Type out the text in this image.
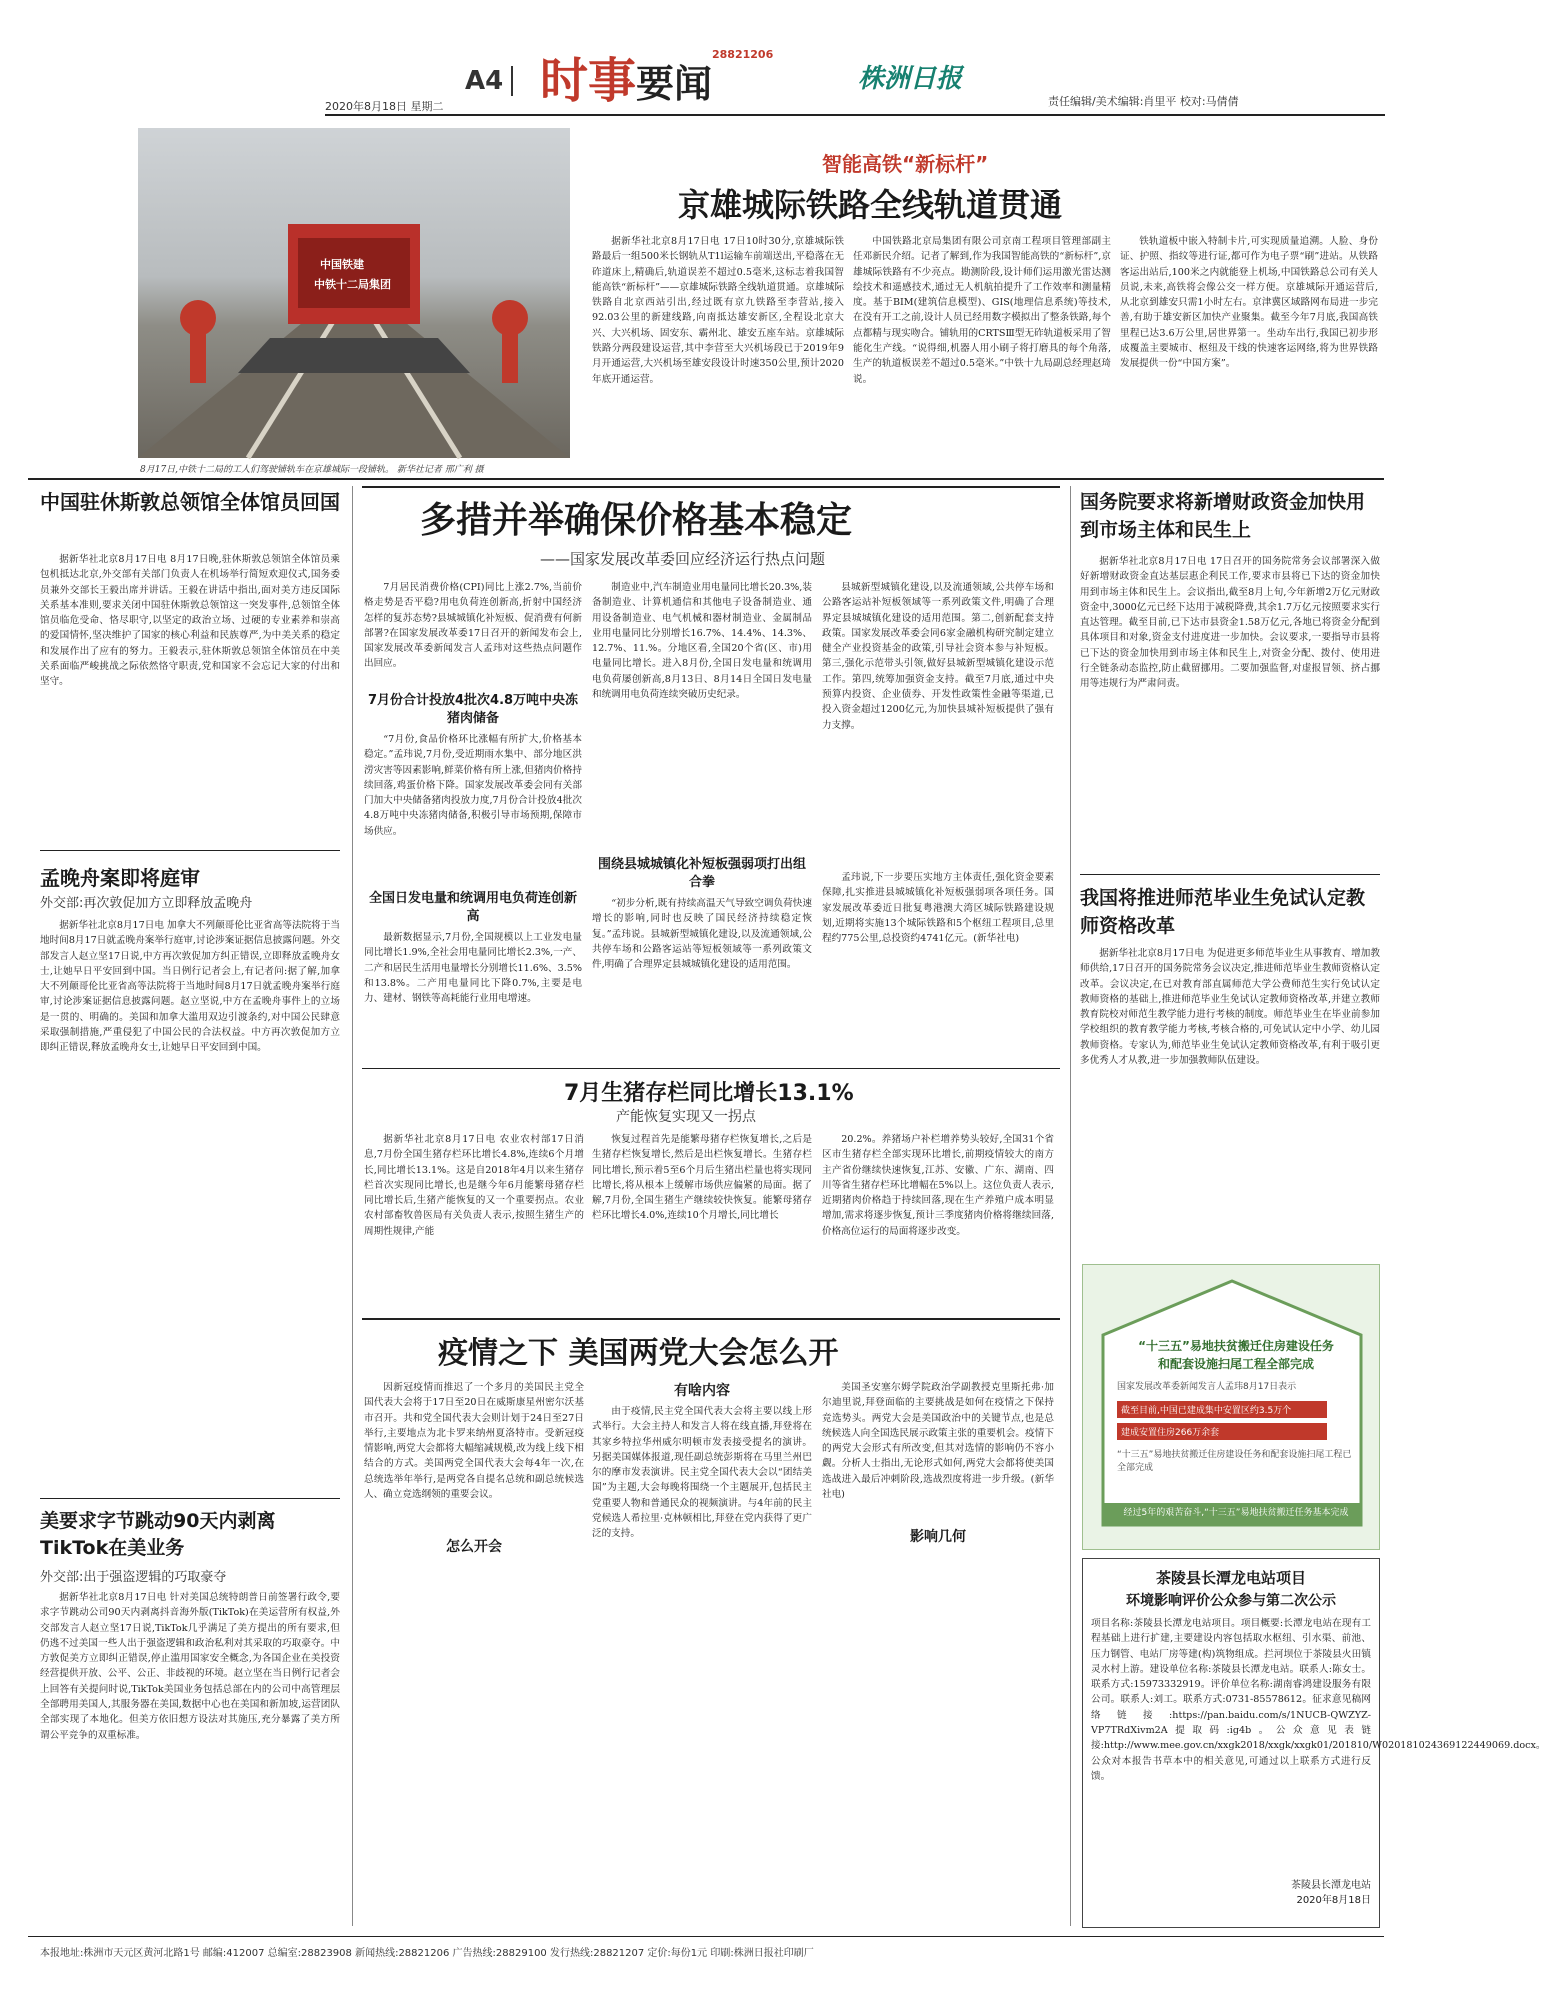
2020年8月18日 星期二
A4 时事要闻
28821206
株洲日报
责任编辑/美术编辑:肖里平 校对:马倩倩
中国铁建
中铁十二局集团
8月17日,中铁十二局的工人们驾驶铺轨车在京雄城际一段铺轨。 新华社记者 邢广利 摄
智能高铁“新标杆”
京雄城际铁路全线轨道贯通
据新华社北京8月17日电 17日10时30分,京雄城际铁路最后一组500米长钢轨从T1l运输车前端送出,平稳落在无砟道床上,精确后,轨道误差不超过0.5毫米,这标志着我国智能高铁“新标杆”——京雄城际铁路全线轨道贯通。京雄城际铁路自北京西站引出,经过既有京九铁路至李营站,接入92.03公里的新建线路,向南抵达雄安新区,全程设北京大兴、大兴机场、固安东、霸州北、雄安五座车站。京雄城际铁路分两段建设运营,其中李营至大兴机场段已于2019年9月开通运营,大兴机场至雄安段设计时速350公里,预计2020年底开通运营。
中国铁路北京局集团有限公司京南工程项目管理部副主任邓新民介绍。记者了解到,作为我国智能高铁的“新标杆”,京雄城际铁路有不少亮点。勘测阶段,设计师们运用激光雷达测绘技术和遥感技术,通过无人机航拍提升了工作效率和测量精度。基于BIM(建筑信息模型)、GIS(地理信息系统)等技术,在没有开工之前,设计人员已经用数字模拟出了整条铁路,每个点都精与现实吻合。铺轨用的CRTSⅢ型无砟轨道板采用了智能化生产线。“说得细,机器人用小刷子将打磨具的每个角落,生产的轨道板误差不超过0.5毫米。”中铁十九局副总经理赵琦说。
铁轨道板中嵌入特制卡片,可实现质量追溯。人脸、身份证、护照、指纹等进行证,都可作为电子票“刷”进站。从铁路客运出站后,100米之内就能登上机场,中国铁路总公司有关人员说,未来,高铁将会像公交一样方便。京雄城际开通运营后,从北京到雄安只需1小时左右。京津冀区域路网布局进一步完善,有助于雄安新区加快产业聚集。截至今年7月底,我国高铁里程已达3.6万公里,居世界第一。坐动车出行,我国已初步形成覆盖主要城市、枢纽及干线的快速客运网络,将为世界铁路发展提供一份“中国方案”。
中国驻休斯敦总领馆全体馆员回国
据新华社北京8月17日电 8月17日晚,驻休斯敦总领馆全体馆员乘包机抵达北京,外交部有关部门负责人在机场举行简短欢迎仪式,国务委员兼外交部长王毅出席并讲话。王毅在讲话中指出,面对美方违反国际关系基本准则,要求关闭中国驻休斯敦总领馆这一突发事件,总领馆全体馆员临危受命、恪尽职守,以坚定的政治立场、过硬的专业素养和崇高的爱国情怀,坚决维护了国家的核心利益和民族尊严,为中美关系的稳定和发展作出了应有的努力。王毅表示,驻休斯敦总领馆全体馆员在中美关系面临严峻挑战之际依然恪守职责,党和国家不会忘记大家的付出和坚守。
孟晚舟案即将庭审
外交部:再次敦促加方立即释放孟晚舟
据新华社北京8月17日电 加拿大不列颠哥伦比亚省高等法院将于当地时间8月17日就孟晚舟案举行庭审,讨论涉案证据信息披露问题。外交部发言人赵立坚17日说,中方再次敦促加方纠正错误,立即释放孟晚舟女士,让她早日平安回到中国。当日例行记者会上,有记者问:据了解,加拿大不列颠哥伦比亚省高等法院将于当地时间8月17日就孟晚舟案举行庭审,讨论涉案证据信息披露问题。赵立坚说,中方在孟晚舟事件上的立场是一贯的、明确的。美国和加拿大滥用双边引渡条约,对中国公民肆意采取强制措施,严重侵犯了中国公民的合法权益。中方再次敦促加方立即纠正错误,释放孟晚舟女士,让她早日平安回到中国。
美要求字节跳动90天内剥离TikTok在美业务
外交部:出于强盗逻辑的巧取豪夺
据新华社北京8月17日电 针对美国总统特朗普日前签署行政令,要求字节跳动公司90天内剥离抖音海外版(TikTok)在美运营所有权益,外交部发言人赵立坚17日说,TikTok几乎满足了美方提出的所有要求,但仍逃不过美国一些人出于强盗逻辑和政治私利对其采取的巧取豪夺。中方敦促美方立即纠正错误,停止滥用国家安全概念,为各国企业在美投资经营提供开放、公平、公正、非歧视的环境。赵立坚在当日例行记者会上回答有关提问时说,TikTok美国业务包括总部在内的公司中高管理层全部聘用美国人,其服务器在美国,数据中心也在美国和新加坡,运营团队全部实现了本地化。但美方依旧想方设法对其施压,充分暴露了美方所谓公平竞争的双重标准。
多措并举确保价格基本稳定
——国家发展改革委回应经济运行热点问题
7月居民消费价格(CPI)同比上涨2.7%,当前价格走势是否平稳?用电负荷连创新高,折射中国经济怎样的复苏态势?县城城镇化补短板、促消费有何新部署?在国家发展改革委17日召开的新闻发布会上,国家发展改革委新闻发言人孟玮对这些热点问题作出回应。
7月份合计投放4批次4.8万吨中央冻猪肉储备
“7月份,食品价格环比涨幅有所扩大,价格基本稳定。”孟玮说,7月份,受近期雨水集中、部分地区洪涝灾害等因素影响,鲜菜价格有所上涨,但猪肉价格持续回落,鸡蛋价格下降。国家发展改革委会同有关部门加大中央储备猪肉投放力度,7月份合计投放4批次4.8万吨中央冻猪肉储备,积极引导市场预期,保障市场供应。
全国日发电量和统调用电负荷连创新高
最新数据显示,7月份,全国规模以上工业发电量同比增长1.9%,全社会用电量同比增长2.3%,一产、二产和居民生活用电量增长分别增长11.6%、3.5%和13.8%。二产用电量同比下降0.7%,主要是电力、建材、钢铁等高耗能行业用电增速。
制造业中,汽车制造业用电量同比增长20.3%,装备制造业、计算机通信和其他电子设备制造业、通用设备制造业、电气机械和器材制造业、金属制品业用电量同比分别增长16.7%、14.4%、14.3%、12.7%、11.%。分地区看,全国20个省(区、市)用电量同比增长。进入8月份,全国日发电量和统调用电负荷屡创新高,8月13日、8月14日全国日发电量和统调用电负荷连续突破历史纪录。
围绕县城城镇化补短板强弱项打出组合拳
“初步分析,既有持续高温天气导致空调负荷快速增长的影响,同时也反映了国民经济持续稳定恢复。”孟玮说。县城新型城镇化建设,以及流通领域,公共停车场和公路客运站等短板领域等一系列政策文件,明确了合理界定县城城镇化建设的适用范围。
县城新型城镇化建设,以及流通领域,公共停车场和公路客运站补短板领域等一系列政策文件,明确了合理界定县城城镇化建设的适用范围。第二,创新配套支持政策。国家发展改革委会同6家金融机构研究制定建立健全产业投资基金的政策,引导社会资本参与补短板。第三,强化示范带头引领,做好县城新型城镇化建设示范工作。第四,统筹加强资金支持。截至7月底,通过中央预算内投资、企业债券、开发性政策性金融等渠道,已投入资金超过1200亿元,为加快县城补短板提供了强有力支撑。
孟玮说,下一步要压实地方主体责任,强化资金要素保障,扎实推进县城城镇化补短板强弱项各项任务。国家发展改革委近日批复粤港澳大湾区城际铁路建设规划,近期将实施13个城际铁路和5个枢纽工程项目,总里程约775公里,总投资约4741亿元。(新华社电)
7月生猪存栏同比增长13.1%
产能恢复实现又一拐点
据新华社北京8月17日电 农业农村部17日消息,7月份全国生猪存栏环比增长4.8%,连续6个月增长,同比增长13.1%。这是自2018年4月以来生猪存栏首次实现同比增长,也是继今年6月能繁母猪存栏同比增长后,生猪产能恢复的又一个重要拐点。农业农村部畜牧兽医局有关负责人表示,按照生猪生产的周期性规律,产能
恢复过程首先是能繁母猪存栏恢复增长,之后是生猪存栏恢复增长,然后是出栏恢复增长。生猪存栏同比增长,预示着5至6个月后生猪出栏量也将实现同比增长,将从根本上缓解市场供应偏紧的局面。据了解,7月份,全国生猪生产继续较快恢复。能繁母猪存栏环比增长4.0%,连续10个月增长,同比增长
20.2%。养猪场户补栏增养势头较好,全国31个省区市生猪存栏全部实现环比增长,前期疫情较大的南方主产省份继续快速恢复,江苏、安徽、广东、湖南、四川等省生猪存栏环比增幅在5%以上。这位负责人表示,近期猪肉价格趋于持续回落,现在生产养殖户成本明显增加,需求将逐步恢复,预计三季度猪肉价格将继续回落,价格高位运行的局面将逐步改变。
疫情之下 美国两党大会怎么开
因新冠疫情而推迟了一个多月的美国民主党全国代表大会将于17日至20日在威斯康星州密尔沃基市召开。共和党全国代表大会则计划于24日至27日举行,主要地点为北卡罗来纳州夏洛特市。受新冠疫情影响,两党大会都将大幅缩减规模,改为线上线下相结合的方式。美国两党全国代表大会每4年一次,在总统选举年举行,是两党各自提名总统和副总统候选人、确立竞选纲领的重要会议。
怎么开会
有啥内容
由于疫情,民主党全国代表大会将主要以线上形式举行。大会主持人和发言人将在线直播,拜登将在其家乡特拉华州威尔明顿市发表接受提名的演讲。另据美国媒体报道,现任副总统彭斯将在马里兰州巴尔的摩市发表演讲。民主党全国代表大会以“团结美国”为主题,大会每晚将围绕一个主题展开,包括民主党重要人物和普通民众的视频演讲。与4年前的民主党候选人希拉里·克林顿相比,拜登在党内获得了更广泛的支持。
美国圣安塞尔姆学院政治学副教授克里斯托弗·加尔迪里说,拜登面临的主要挑战是如何在疫情之下保持竞选势头。两党大会是美国政治中的关键节点,也是总统候选人向全国选民展示政策主张的重要机会。疫情下的两党大会形式有所改变,但其对选情的影响仍不容小觑。分析人士指出,无论形式如何,两党大会都将使美国选战进入最后冲刺阶段,选战烈度将进一步升级。(新华社电)
影响几何
国务院要求将新增财政资金加快用到市场主体和民生上
据新华社北京8月17日电 17日召开的国务院常务会议部署深入做好新增财政资金直达基层惠企利民工作,要求市县将已下达的资金加快用到市场主体和民生上。会议指出,截至8月上旬,今年新增2万亿元财政资金中,3000亿元已经下达用于减税降费,其余1.7万亿元按照要求实行直达管理。截至目前,已下达市县资金1.58万亿元,各地已将资金分配到具体项目和对象,资金支付进度进一步加快。会议要求,一要指导市县将已下达的资金加快用到市场主体和民生上,对资金分配、拨付、使用进行全链条动态监控,防止截留挪用。二要加强监督,对虚报冒领、挤占挪用等违规行为严肃问责。
我国将推进师范毕业生免试认定教师资格改革
据新华社北京8月17日电 为促进更多师范毕业生从事教育、增加教师供给,17日召开的国务院常务会议决定,推进师范毕业生教师资格认定改革。会议决定,在已对教育部直属师范大学公费师范生实行免试认定教师资格的基础上,推进师范毕业生免试认定教师资格改革,并建立教师教育院校对师范生教学能力进行考核的制度。师范毕业生在毕业前参加学校组织的教育教学能力考核,考核合格的,可免试认定中小学、幼儿园教师资格。专家认为,师范毕业生免试认定教师资格改革,有利于吸引更多优秀人才从教,进一步加强教师队伍建设。
“十三五”易地扶贫搬迁住房建设任务
和配套设施扫尾工程全部完成
国家发展改革委新闻发言人孟玮8月17日表示
截至目前,中国已建成集中安置区约3.5万个
建成安置住房266万余套
“十三五”易地扶贫搬迁住房建设任务和配套设施扫尾工程已全部完成
经过5年的艰苦奋斗,“十三五”易地扶贫搬迁任务基本完成
茶陵县长潭龙电站项目
环境影响评价公众参与第二次公示
项目名称:茶陵县长潭龙电站项目。项目概要:长潭龙电站在现有工程基础上进行扩建,主要建设内容包括取水枢纽、引水渠、前池、压力钢管、电站厂房等建(构)筑物组成。拦河坝位于茶陵县火田镇灵水村上游。建设单位名称:茶陵县长潭龙电站。联系人:陈女士。联系方式:15973332919。评价单位名称:湖南睿鸿建设服务有限公司。联系人:刘工。联系方式:0731-85578612。征求意见稿网络链接:https://pan.baidu.com/s/1NUCB-QWZYZ-VP7TRdXivm2A提取码:ig4b。公众意见表链接:http://www.mee.gov.cn/xxgk2018/xxgk/xxgk01/201810/W020181024369122449069.docx。公众对本报告书草本中的相关意见,可通过以上联系方式进行反馈。
茶陵县长潭龙电站
2020年8月18日
本报地址:株洲市天元区黄河北路1号 邮编:412007 总编室:28823908 新闻热线:28821206 广告热线:28829100 发行热线:28821207 定价:每份1元 印刷:株洲日报社印刷厂
